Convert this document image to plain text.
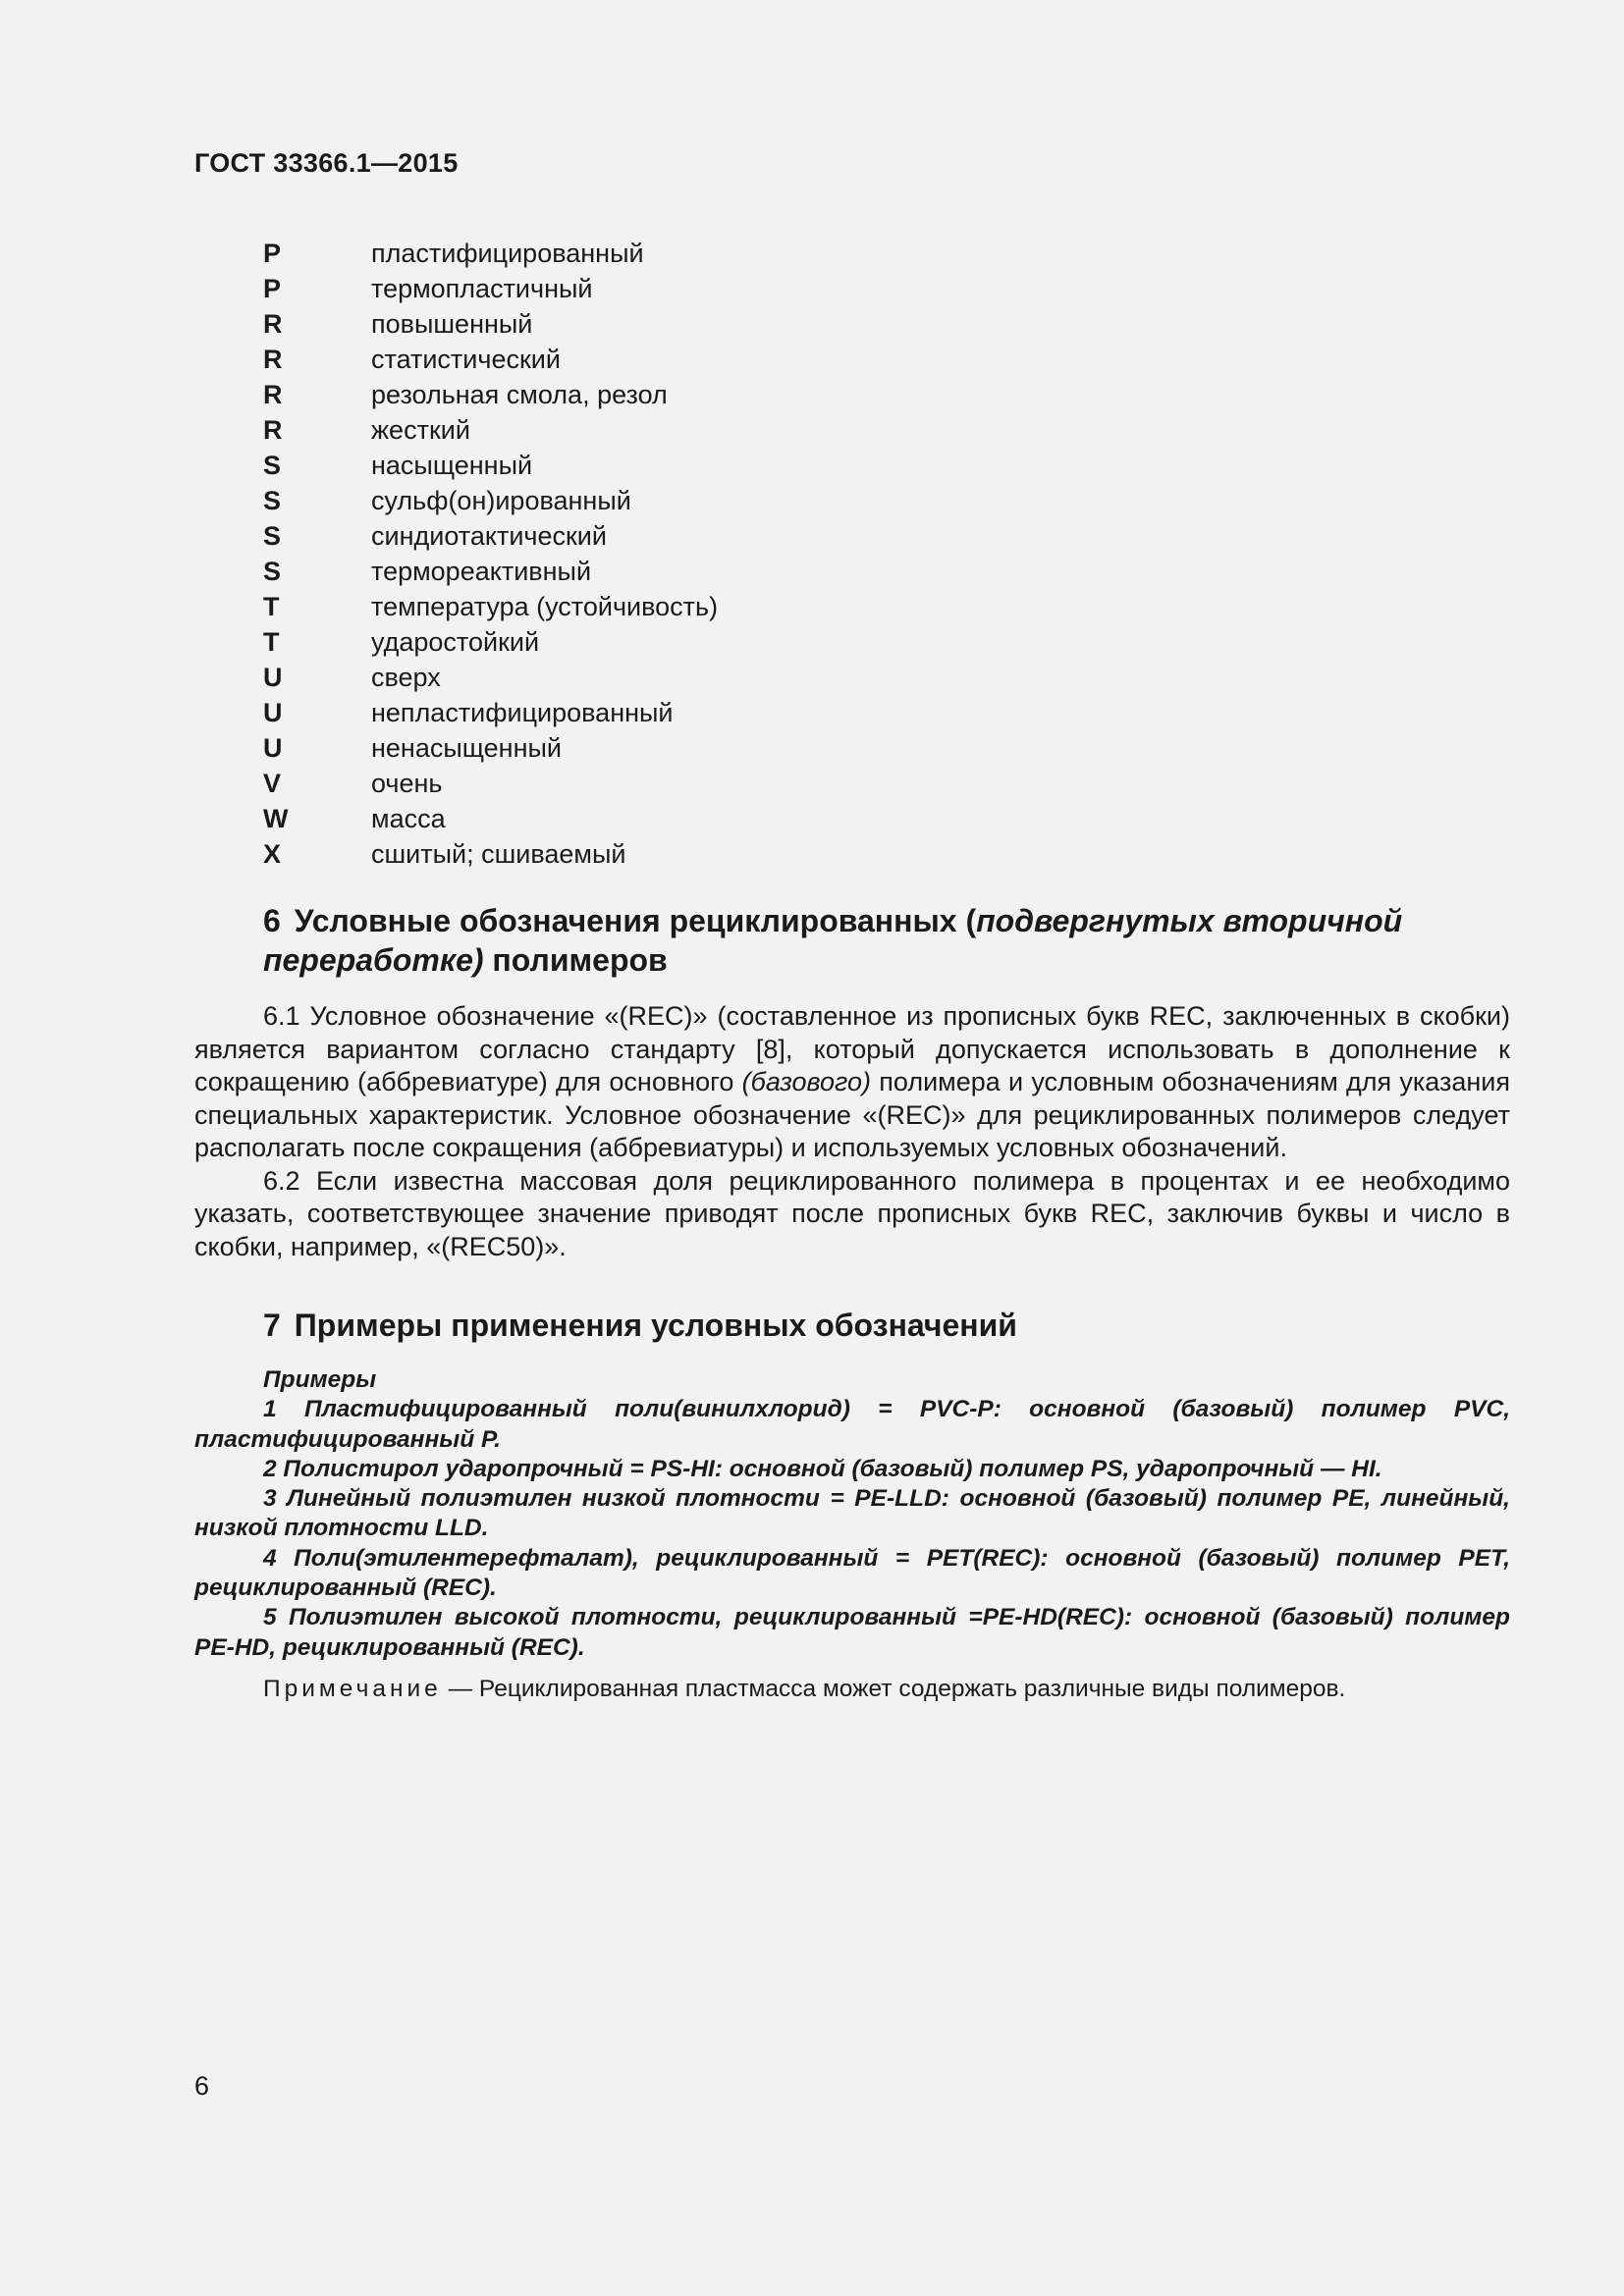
ГОСТ 33366.1—2015
P	пластифицированный
P	термопластичный
R	повышенный
R	статистический
R	резольная смола, резол
R	жесткий
S	насыщенный
S	сульф(он)ированный
S	синдиотактический
S	термореактивный
T	температура (устойчивость)
T	ударостойкий
U	сверх
U	непластифицированный
U	ненасыщенный
V	очень
W	масса
X	сшитый; сшиваемый
6 Условные обозначения рециклированных (подвергнутых вторичной переработке) полимеров
6.1 Условное обозначение «(REC)» (составленное из прописных букв REC, заключенных в скобки) является вариантом согласно стандарту [8], который допускается использовать в дополнение к сокращению (аббревиатуре) для основного (базового) полимера и условным обозначениям для указания специальных характеристик. Условное обозначение «(REC)» для рециклированных полимеров следует располагать после сокращения (аббревиатуры) и используемых условных обозначений.
6.2 Если известна массовая доля рециклированного полимера в процентах и ее необходимо указать, соответствующее значение приводят после прописных букв REC, заключив буквы и число в скобки, например, «(REC50)».
7 Примеры применения условных обозначений
Примеры
1 Пластифицированный поли(винилхлорид) = PVC-P: основной (базовый) полимер PVC, пластифицированный P.
2 Полистирол ударопрочный = PS-HI: основной (базовый) полимер PS, ударопрочный — HI.
3 Линейный полиэтилен низкой плотности = PE-LLD: основной (базовый) полимер PE, линейный, низкой плотности LLD.
4 Поли(этилентерефталат), рециклированный = PET(REC): основной (базовый) полимер PET, рециклированный (REC).
5 Полиэтилен высокой плотности, рециклированный =PE-HD(REC): основной (базовый) полимер PE-HD, рециклированный (REC).
Примечание — Рециклированная пластмасса может содержать различные виды полимеров.
6
